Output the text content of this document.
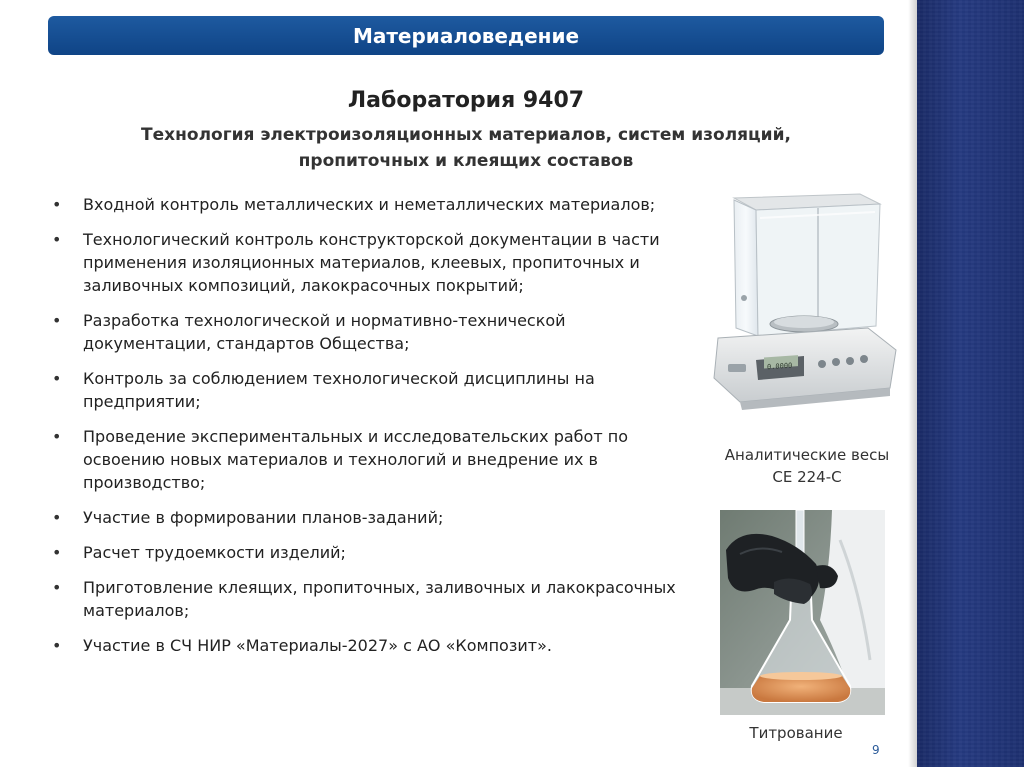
Материаловедение
Лаборатория 9407
Технология электроизоляционных материалов, систем изоляций,
пропиточных и клеящих составов
• Входной контроль металлических и неметаллических материалов;
• Технологический контроль конструкторской документации в части применения изоляционных материалов, клеевых, пропиточных и заливочных композиций, лакокрасочных покрытий;
• Разработка технологической и нормативно-технической документации, стандартов Общества;
• Контроль за соблюдением технологической дисциплины на предприятии;
• Проведение экспериментальных и исследовательских работ по освоению новых материалов и технологий и внедрение их в производство;
• Участие в формировании планов-заданий;
• Расчет трудоемкости изделий;
• Приготовление клеящих, пропиточных, заливочных и лакокрасочных материалов;
• Участие в СЧ НИР «Материалы-2027» с АО «Композит».
0.0000
Аналитические весы
CE 224-C
Титрование
9
